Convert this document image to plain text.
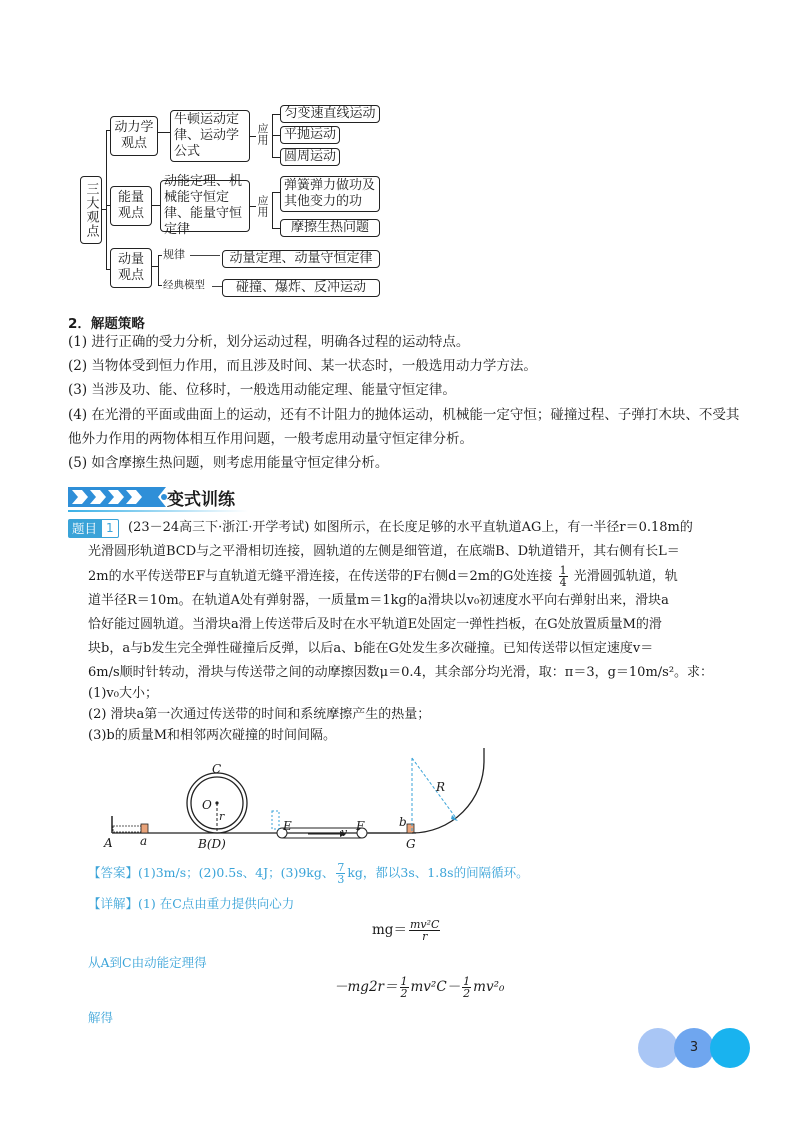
三大观点
动力学观点
牛顿运动定律、运动学公式
应用
匀变速直线运动
平抛运动
圆周运动
能量观点
动能定理、机械能守恒定律、能量守恒定律
应用
弹簧弹力做功及其他变力的功
摩擦生热问题
动量观点
规律
经典模型
动量定理、动量守恒定律
碰撞、爆炸、反冲运动
2．解题策略
(1) 进行正确的受力分析，划分运动过程，明确各过程的运动特点。
(2) 当物体受到恒力作用，而且涉及时间、某一状态时，一般选用动力学方法。
(3) 当涉及功、能、位移时，一般选用动能定理、能量守恒定律。
(4) 在光滑的平面或曲面上的运动，还有不计阻力的抛体运动，机械能一定守恒；碰撞过程、子弹打木块、不受其
他外力作用的两物体相互作用问题，一般考虑用动量守恒定律分析。
(5) 如含摩擦生热问题，则考虑用能量守恒定律分析。
变式训练
题目 1	(23－24高三下·浙江·开学考试) 如图所示，在长度足够的水平直轨道AG上，有一半径r＝0.18m的
光滑圆形轨道BCD与之平滑相切连接，圆轨道的左侧是细管道，在底端B、D轨道错开，其右侧有长L＝
2m的水平传送带EF与直轨道无缝平滑连接，在传送带的F右侧d＝2m的G处连接 $\frac{1}{4}$ 光滑圆弧轨道，轨
道半径R＝10m。在轨道A处有弹射器，一质量m＝1kg的a滑块以v₀初速度水平向右弹射出来，滑块a
恰好能过圆轨道。当滑块a滑上传送带后及时在水平轨道E处固定一弹性挡板，在G处放置质量M的滑
块b，a与b发生完全弹性碰撞后反弹，以后a、b能在G处发生多次碰撞。已知传送带以恒定速度v＝
6m/s顺时针转动，滑块与传送带之间的动摩擦因数μ＝0.4，其余部分均光滑，取：π＝3，g＝10m/s²。求：
(1)v₀大小；
(2) 滑块a第一次通过传送带的时间和系统摩擦产生的热量；
(3)b的质量M和相邻两次碰撞的时间间隔。
C
O
r
A a	B(D)
E	v F	b
G
R
【答案】(1)3m/s；(2)0.5s、4J；(3)9kg、 $\frac{7}{3}$ kg，都以3s、1.8s的间隔循环。
【详解】(1) 在C点由重力提供向心力
$mg= \frac{\text{mv²C}}{r}$
从A到C由动能定理得
$-mg2r= \frac{1}{2} mv^2C- \frac{1}{2} mv^2_0$
解得
3
